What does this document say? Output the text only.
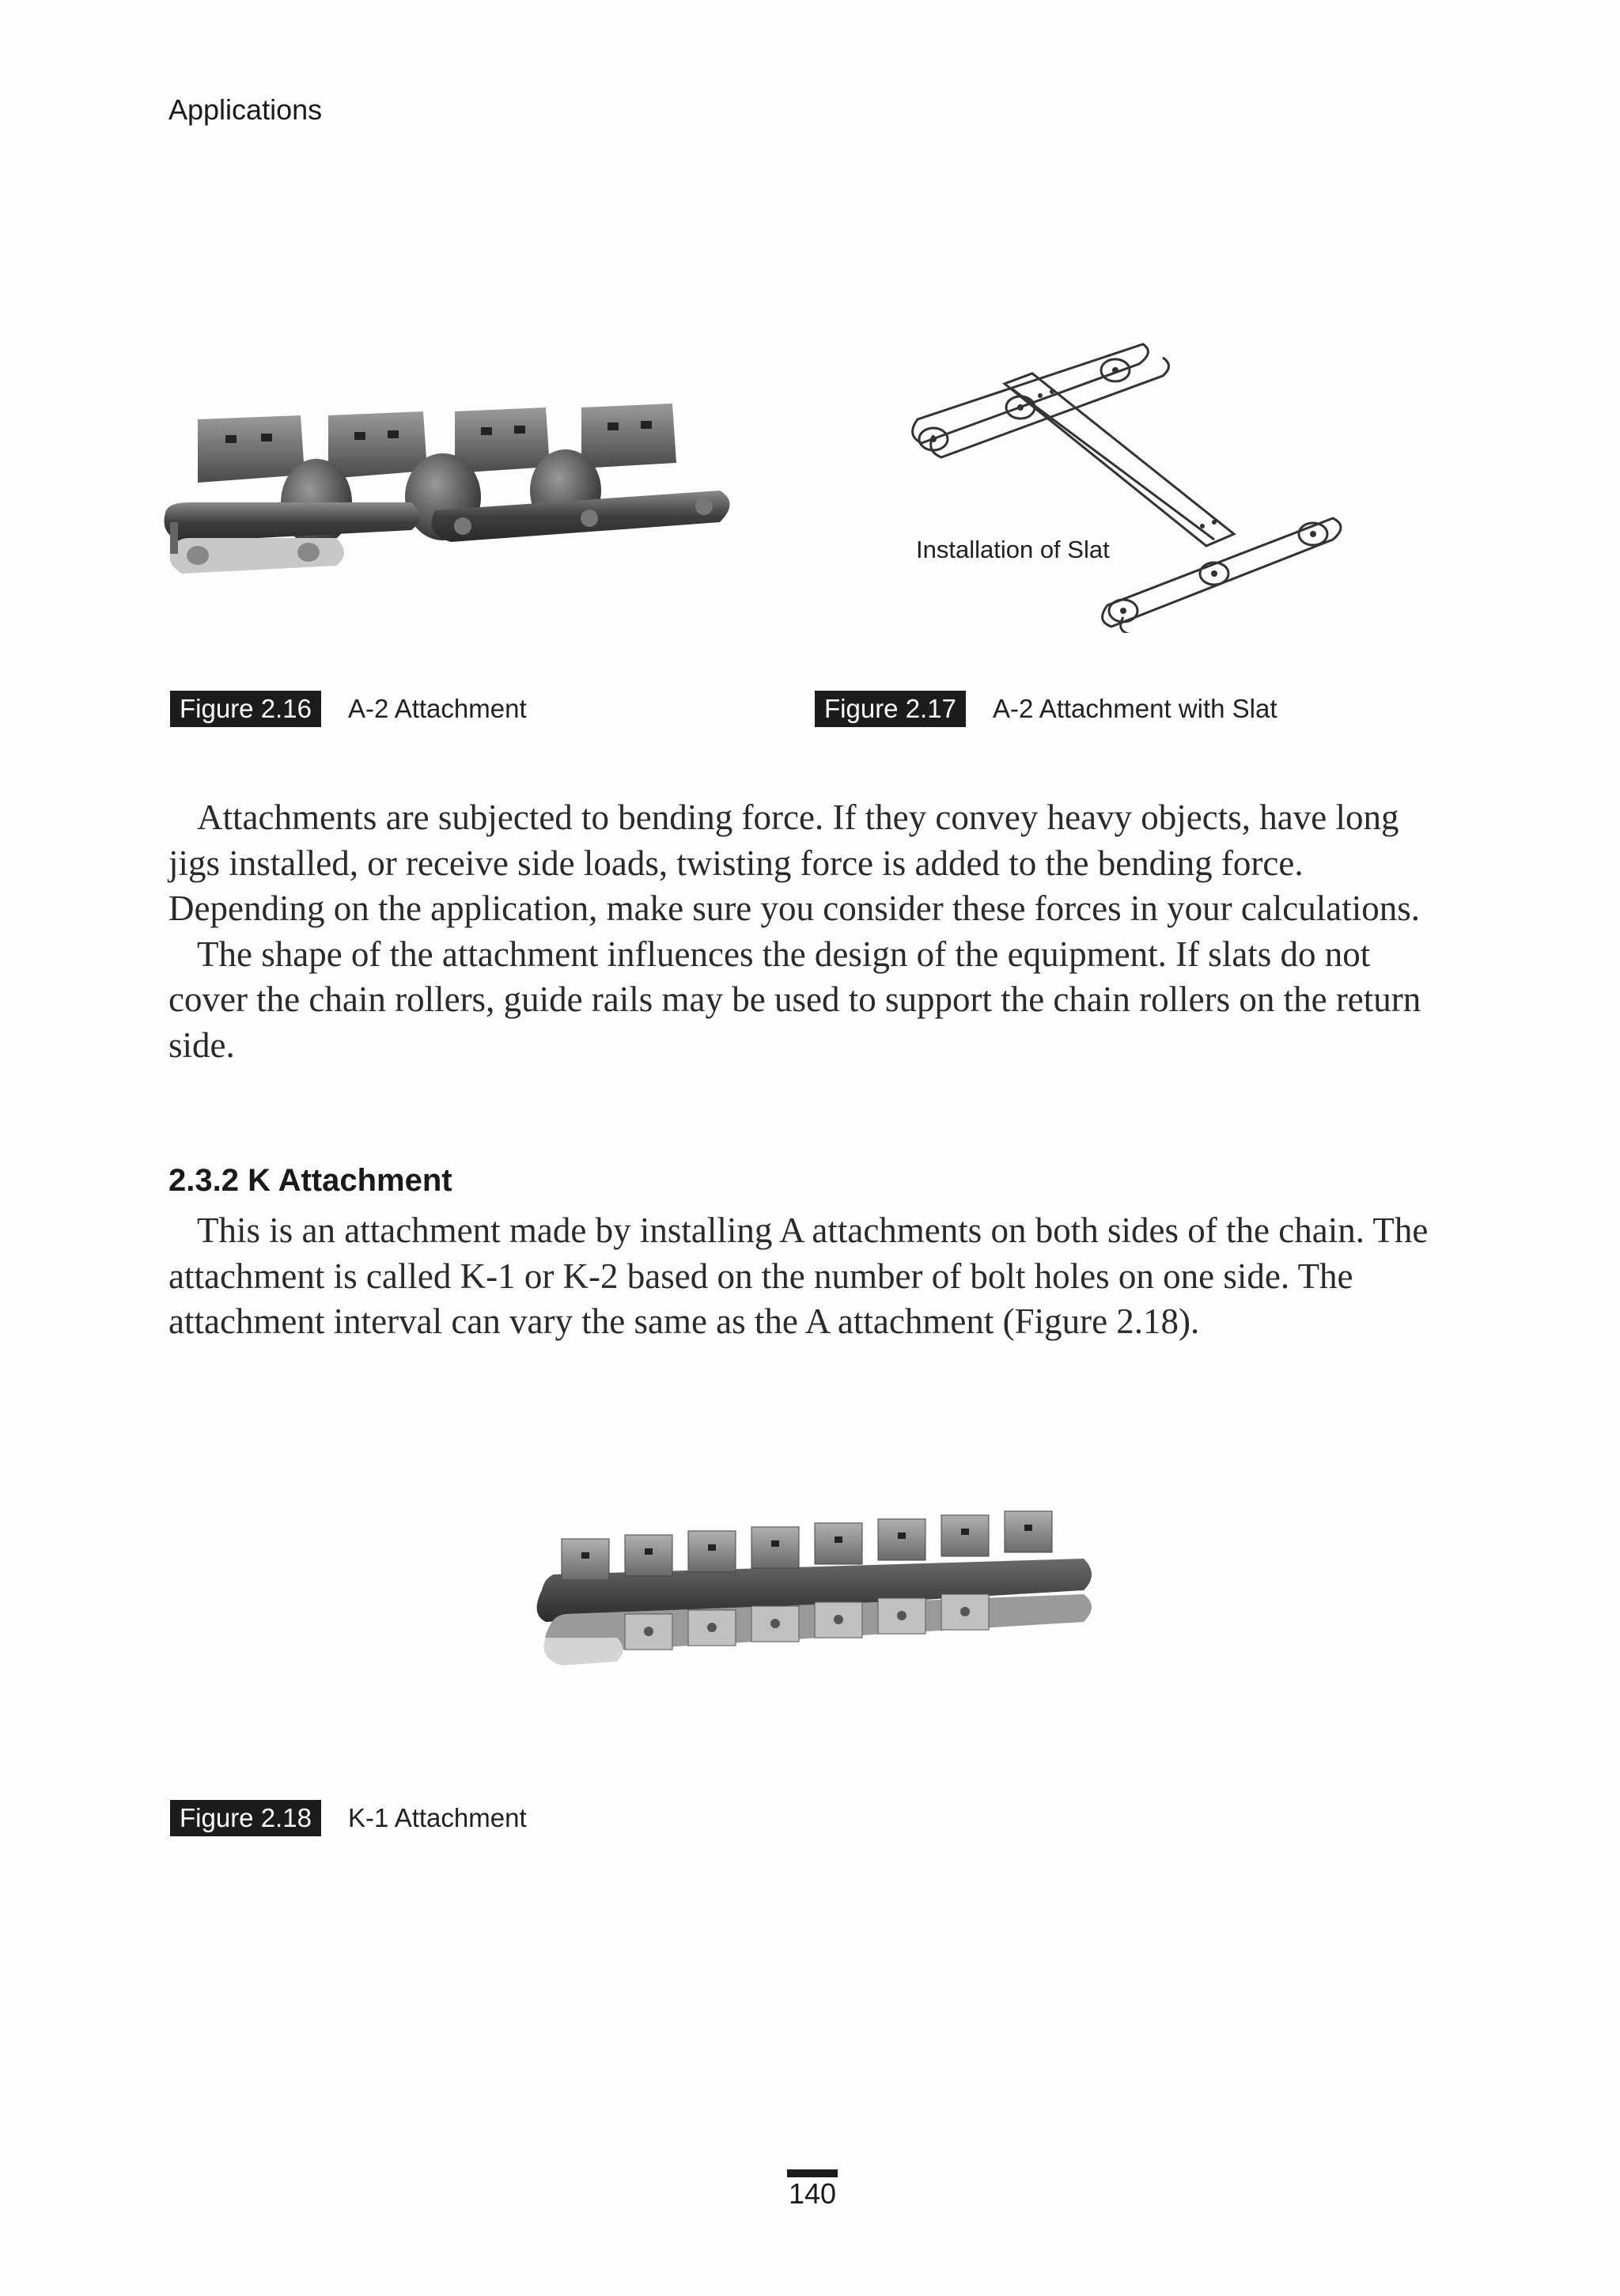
Applications
Figure 2.16	A-2 Attachment
Installation of Slat
Figure 2.17	A-2 Attachment with Slat

Attachments are subjected to bending force. If they convey heavy objects, have long jigs installed, or receive side loads, twisting force is added to the bending force. Depending on the application, make sure you consider these forces in your calculations.

The shape of the attachment influences the design of the equipment. If slats do not cover the chain rollers, guide rails may be used to support the chain rollers on the return side.

2.3.2 K Attachment

This is an attachment made by installing A attachments on both sides of the chain. The attachment is called K-1 or K-2 based on the number of bolt holes on one side. The attachment interval can vary the same as the A attachment (Figure 2.18).

Figure 2.18	K-1 Attachment
140
